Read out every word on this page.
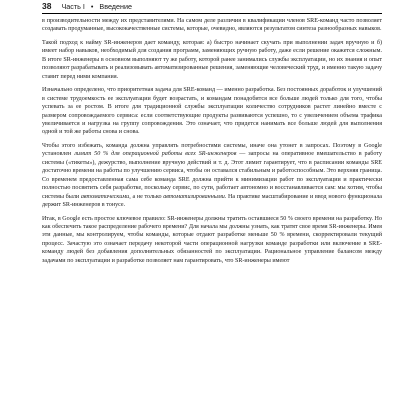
38 Часть I • Введение

в производительности между их представителями. На самом деле различия в квалификации членов SRE-команд часто позволяет создавать продуманные, высококачественные системы, которые, очевидно, являются результатом синтеза разнообразных навыков.

Такой подход к найму SR-инженеров дает команду, которая: а) быстро начинает скучать при выполнении задач вручную и б) имеет набор навыков, необходимый для создания программ, заменяющих ручную работу, даже если решение окажется сложным. В итоге SR-инженеры в основном выполняют ту же работу, которой ранее занимались службы эксплуатации, но их знания и опыт позволяют разрабатывать и реализовывать автоматизированные решения, заменяющие человеческий труд, и именно такую задачу ставит перед ними компания.

Изначально определено, что приоритетная задача для SRE-команд — именно разработка. Без постоянных доработок и улучшений в системе трудоемкость ее эксплуатации будет возрастать, и командам понадобится все больше людей только для того, чтобы успевать за ее ростом. В итоге для традиционной службы эксплуатации количество сотрудников растет линейно вместе с размером сопровождаемого сервиса: если соответствующие продукты развиваются успешно, то с увеличением объема трафика увеличивается и нагрузка на группу сопровождения. Это означает, что придется нанимать все больше людей для выполнения одной и той же работы снова и снова.

Чтобы этого избежать, команда должна управлять потребностями системы, иначе она утонет в запросах. Поэтому в Google установлен лимит 50 % для операционной работы всех SR-инженеров — запросы на оперативное вмешательство в работу системы («тикеты»), дежурство, выполнение вручную действий и т. д. Этот лимит гарантирует, что в расписании команды SRE достаточно времени на работы по улучшению сервиса, чтобы он оставался стабильным и работоспособным. Это верхняя граница. Со временем предоставленная сама себе команда SRE должна прийти к минимизации работ по эксплуатации и практически полностью посвятить себя разработке, поскольку сервис, по сути, работает автономно и восстанавливается сам: мы хотим, чтобы системы были автоматическими, а не только автоматизированными. На практике масштабирование и ввод нового функционала держит SR-инженеров в тонусе.

Итак, в Google есть простое ключевое правило: SR-инженеры должны тратить оставшиеся 50 % своего времени на разработку. Но как обеспечить такое распределение рабочего времени? Для начала мы должны узнать, как тратят свое время SR-инженеры. Имея эти данные, мы контролируем, чтобы команды, которые отдают разработке меньше 50 % времени, скорректировали текущий процесс. Зачастую это означает передачу некоторой части операционной нагрузки команде разработки или включение в SRE-команду людей без добавления дополнительных обязанностей по эксплуатации. Рациональное управление балансом между задачами по эксплуатации и разработке позволяет нам гарантировать, что SR-инженеры имеют
